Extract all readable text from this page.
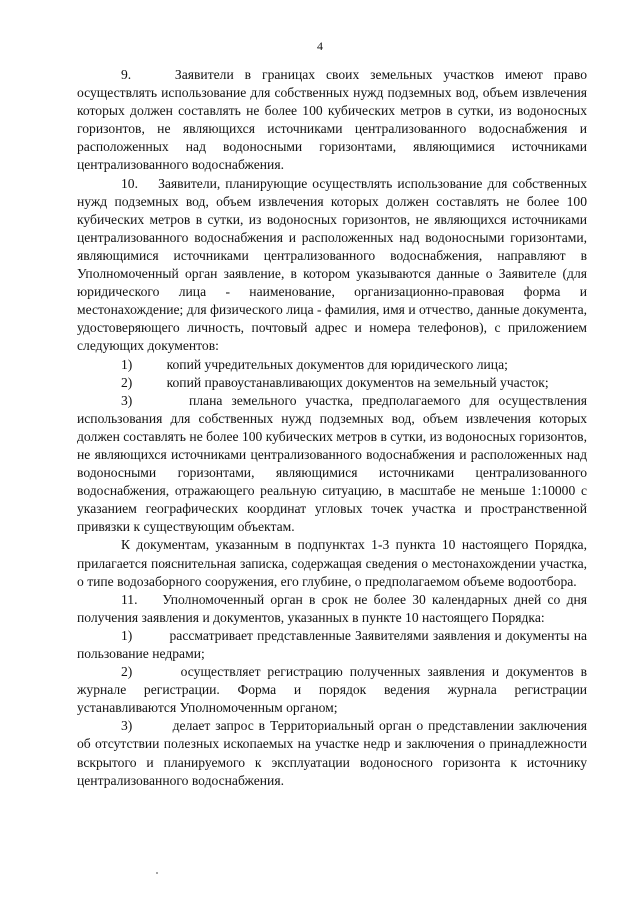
4

9.	Заявители в границах своих земельных участков имеют право осуществлять использование для собственных нужд подземных вод, объем извлечения которых должен составлять не более 100 кубических метров в сутки, из водоносных горизонтов, не являющихся источниками централизованного водоснабжения и расположенных над водоносными горизонтами, являющимися источниками централизованного водоснабжения.

10. Заявители, планирующие осуществлять использование для собственных нужд подземных вод, объем извлечения которых должен составлять не более 100 кубических метров в сутки, из водоносных горизонтов, не являющихся источниками централизованного водоснабжения и расположенных над водоносными горизонтами, являющимися источниками централизованного водоснабжения, направляют в Уполномоченный орган заявление, в котором указываются данные о Заявителе (для юридического лица - наименование, организационно-правовая форма и местонахождение; для физического лица - фамилия, имя и отчество, данные документа, удостоверяющего личность, почтовый адрес и номера телефонов), с приложением следующих документов:

1)	копий учредительных документов для юридического лица;

2)	копий правоустанавливающих документов на земельный участок;

3)	плана земельного участка, предполагаемого для осуществления использования для собственных нужд подземных вод, объем извлечения которых должен составлять не более 100 кубических метров в сутки, из водоносных горизонтов, не являющихся источниками централизованного водоснабжения и расположенных над водоносными горизонтами, являющимися источниками централизованного водоснабжения, отражающего реальную ситуацию, в масштабе не меньше 1:10000 с указанием географических координат угловых точек участка и пространственной привязки к существующим объектам.

К документам, указанным в подпунктах 1-3 пункта 10 настоящего Порядка, прилагается пояснительная записка, содержащая сведения о местонахождении участка, о типе водозаборного сооружения, его глубине, о предполагаемом объеме водоотбора.

11. Уполномоченный орган в срок не более 30 календарных дней со дня получения заявления и документов, указанных в пункте 10 настоящего Порядка:

1)	рассматривает представленные Заявителями заявления и документы на пользование недрами;

2)	осуществляет регистрацию полученных заявления и документов в журнале регистрации. Форма и порядок ведения журнала регистрации устанавливаются Уполномоченным органом;

3)	делает запрос в Территориальный орган о представлении заключения об отсутствии полезных ископаемых на участке недр и заключения о принадлежности вскрытого и планируемого к эксплуатации водоносного горизонта к источнику централизованного водоснабжения.
